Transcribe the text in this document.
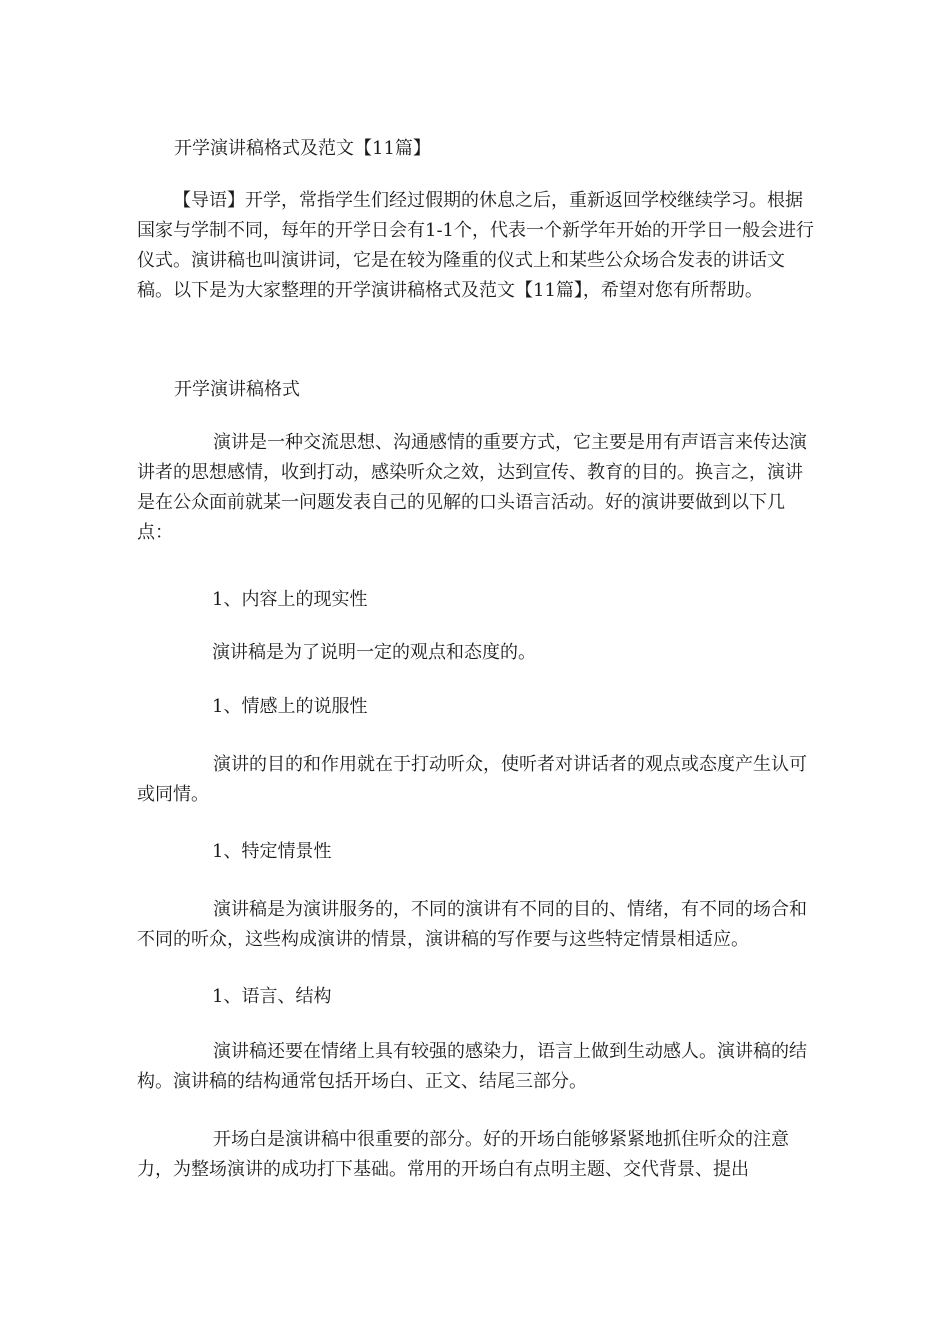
开学演讲稿格式及范文【11篇】

【导语】开学，常指学生们经过假期的休息之后，重新返回学校继续学习。根据国家与学制不同，每年的开学日会有1-1个，代表一个新学年开始的开学日一般会进行仪式。演讲稿也叫演讲词，它是在较为隆重的仪式上和某些公众场合发表的讲话文稿。以下是为大家整理的开学演讲稿格式及范文【11篇】，希望对您有所帮助。

开学演讲稿格式

演讲是一种交流思想、沟通感情的重要方式，它主要是用有声语言来传达演讲者的思想感情，收到打动，感染听众之效，达到宣传、教育的目的。换言之，演讲是在公众面前就某一问题发表自己的见解的口头语言活动。好的演讲要做到以下几点：

1、内容上的现实性

演讲稿是为了说明一定的观点和态度的。

1、情感上的说服性

演讲的目的和作用就在于打动听众，使听者对讲话者的观点或态度产生认可或同情。

1、特定情景性

演讲稿是为演讲服务的，不同的演讲有不同的目的、情绪，有不同的场合和不同的听众，这些构成演讲的情景，演讲稿的写作要与这些特定情景相适应。

1、语言、结构

演讲稿还要在情绪上具有较强的感染力，语言上做到生动感人。演讲稿的结构。演讲稿的结构通常包括开场白、正文、结尾三部分。

开场白是演讲稿中很重要的部分。好的开场白能够紧紧地抓住听众的注意力，为整场演讲的成功打下基础。常用的开场白有点明主题、交代背景、提出
